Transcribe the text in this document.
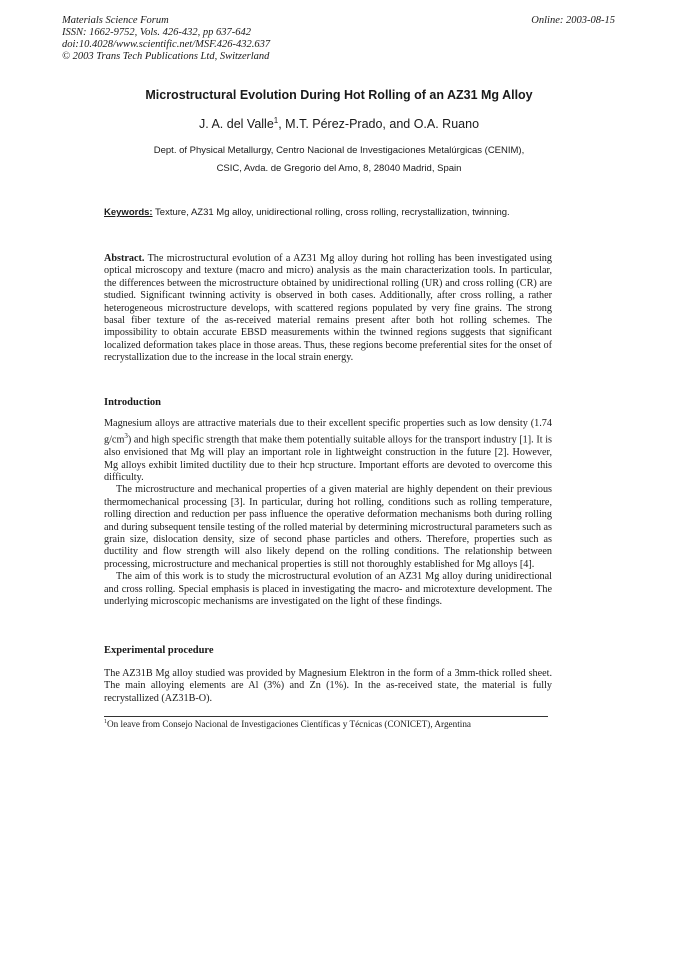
Materials Science Forum
ISSN: 1662-9752, Vols. 426-432, pp 637-642
doi:10.4028/www.scientific.net/MSF.426-432.637
© 2003 Trans Tech Publications Ltd, Switzerland
Online: 2003-08-15
Microstructural Evolution During Hot Rolling of an AZ31 Mg Alloy
J. A. del Valle$^1$, M.T. Pérez-Prado, and O.A. Ruano
Dept. of Physical Metallurgy, Centro Nacional de Investigaciones Metalúrgicas (CENIM),
CSIC, Avda. de Gregorio del Amo, 8, 28040 Madrid, Spain
Keywords: Texture, AZ31 Mg alloy, unidirectional rolling, cross rolling, recrystallization, twinning.
Abstract. The microstructural evolution of a AZ31 Mg alloy during hot rolling has been investigated using optical microscopy and texture (macro and micro) analysis as the main characterization tools. In particular, the differences between the microstructure obtained by unidirectional rolling (UR) and cross rolling (CR) are studied. Significant twinning activity is observed in both cases. Additionally, after cross rolling, a rather heterogeneous microstructure develops, with scattered regions populated by very fine grains. The strong basal fiber texture of the as-received material remains present after both hot rolling schemes. The impossibility to obtain accurate EBSD measurements within the twinned regions suggests that significant localized deformation takes place in those areas. Thus, these regions become preferential sites for the onset of recrystallization due to the increase in the local strain energy.
Introduction
Magnesium alloys are attractive materials due to their excellent specific properties such as low density (1.74 $g/cm^3$) and high specific strength that make them potentially suitable alloys for the transport industry [1]. It is also envisioned that Mg will play an important role in lightweight construction in the future [2]. However, Mg alloys exhibit limited ductility due to their hcp structure. Important efforts are devoted to overcome this difficulty.
The microstructure and mechanical properties of a given material are highly dependent on their previous thermomechanical processing [3]. In particular, during hot rolling, conditions such as rolling temperature, rolling direction and reduction per pass influence the operative deformation mechanisms both during rolling and during subsequent tensile testing of the rolled material by determining microstructural parameters such as grain size, dislocation density, size of second phase particles and others. Therefore, properties such as ductility and flow strength will also likely depend on the rolling conditions. The relationship between processing, microstructure and mechanical properties is still not thoroughly established for Mg alloys [4].
The aim of this work is to study the microstructural evolution of an AZ31 Mg alloy during unidirectional and cross rolling. Special emphasis is placed in investigating the macro- and microtexture development. The underlying microscopic mechanisms are investigated on the light of these findings.
Experimental procedure
The AZ31B Mg alloy studied was provided by Magnesium Elektron in the form of a 3mm-thick rolled sheet. The main alloying elements are Al (3%) and Zn (1%). In the as-received state, the material is fully recrystallized (AZ31B-O).
$^1$On leave from Consejo Nacional de Investigaciones Científicas y Técnicas (CONICET), Argentina
